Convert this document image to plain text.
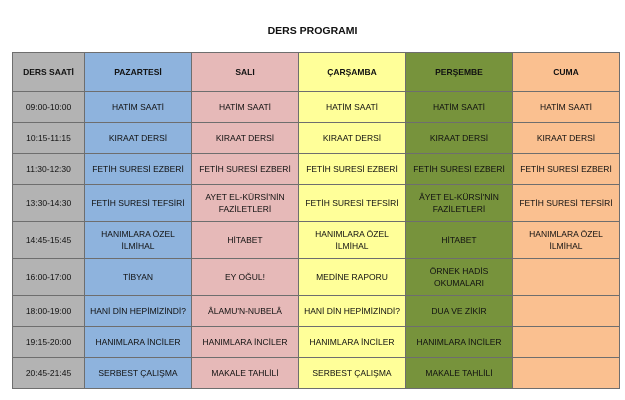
DERS PROGRAMI
DERS SAATİ	PAZARTESİ	SALI	ÇARŞAMBA	PERŞEMBE	CUMA
09:00-10:00	HATİM SAATİ	HATİM SAATİ	HATİM SAATİ	HATİM SAATİ	HATİM SAATİ
10:15-11:15	KIRAAT DERSİ	KIRAAT DERSİ	KIRAAT DERSİ	KIRAAT DERSİ	KIRAAT DERSİ
11:30-12:30	FETİH SURESİ EZBERİ	FETİH SURESİ EZBERİ	FETİH SURESİ EZBERİ	FETİH SURESİ EZBERİ	FETİH SURESİ EZBERİ
13:30-14:30	FETİH SURESİ TEFSİRİ	AYET EL-KÜRSİ'NİN FAZİLETLERİ	FETİH SURESİ TEFSİRİ	ÂYET EL-KÜRSİ'NİN FAZİLETLERİ	FETİH SURESİ TEFSİRİ
14:45-15:45	HANIMLARA ÖZEL İLMİHAL	HİTABET	HANIMLARA ÖZEL İLMİHAL	HİTABET	HANIMLARA ÖZEL İLMİHAL
16:00-17:00	TİBYAN	EY OĞUL!	MEDİNE RAPORU	ÖRNEK HADİS OKUMALARI	
18:00-19:00	HANİ DİN HEPİMİZİNDİ?	ÂLAMU'N-NUBELÂ	HANİ DİN HEPİMİZİNDİ?	DUA VE ZİKİR	
19:15-20:00	HANIMLARA İNCİLER	HANIMLARA İNCİLER	HANIMLARA İNCİLER	HANIMLARA İNCİLER	
20:45-21:45	SERBEST ÇALIŞMA	MAKALE TAHLİLİ	SERBEST ÇALIŞMA	MAKALE TAHLİLİ	
